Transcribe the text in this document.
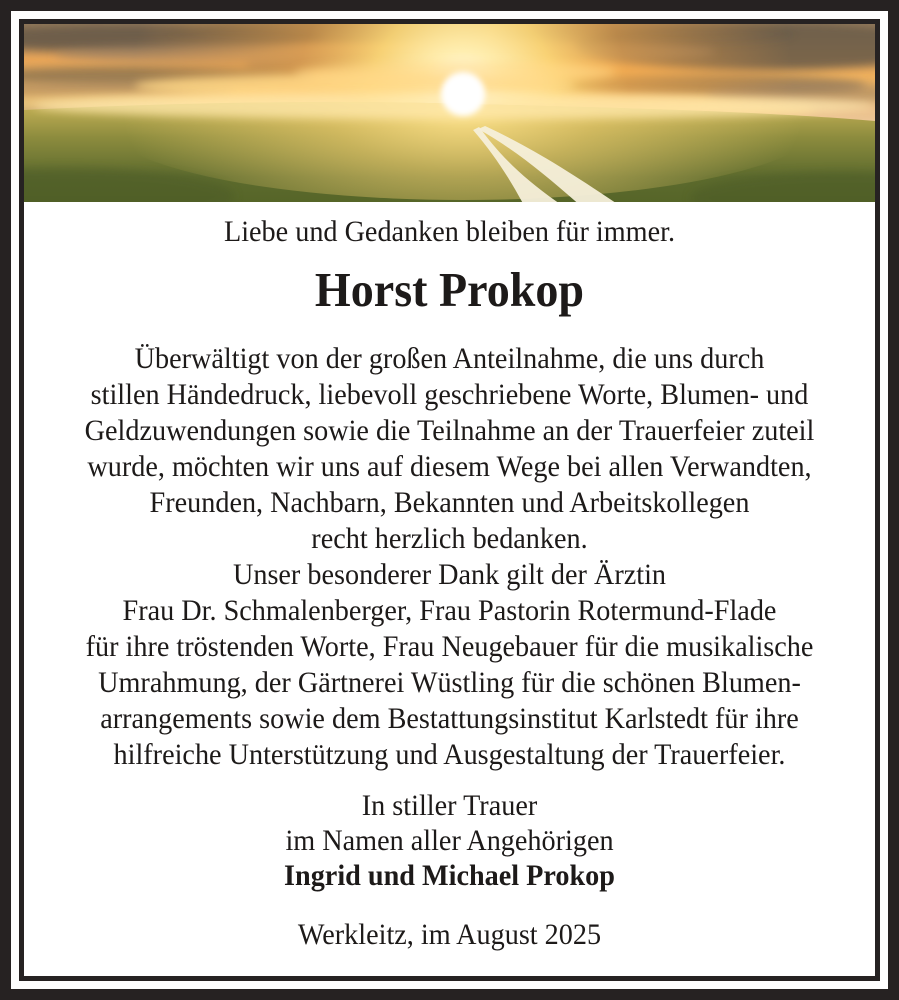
Liebe und Gedanken bleiben für immer.
Horst Prokop
Überwältigt von der großen Anteilnahme, die uns durch
stillen Händedruck, liebevoll geschriebene Worte, Blumen- und
Geldzuwendungen sowie die Teilnahme an der Trauerfeier zuteil
wurde, möchten wir uns auf diesem Wege bei allen Verwandten,
Freunden, Nachbarn, Bekannten und Arbeitskollegen
recht herzlich bedanken.
Unser besonderer Dank gilt der Ärztin
Frau Dr. Schmalenberger, Frau Pastorin Rotermund-Flade
für ihre tröstenden Worte, Frau Neugebauer für die musikalische
Umrahmung, der Gärtnerei Wüstling für die schönen Blumen-
arrangements sowie dem Bestattungsinstitut Karlstedt für ihre
hilfreiche Unterstützung und Ausgestaltung der Trauerfeier.
In stiller Trauer
im Namen aller Angehörigen
Ingrid und Michael Prokop
Werkleitz, im August 2025
